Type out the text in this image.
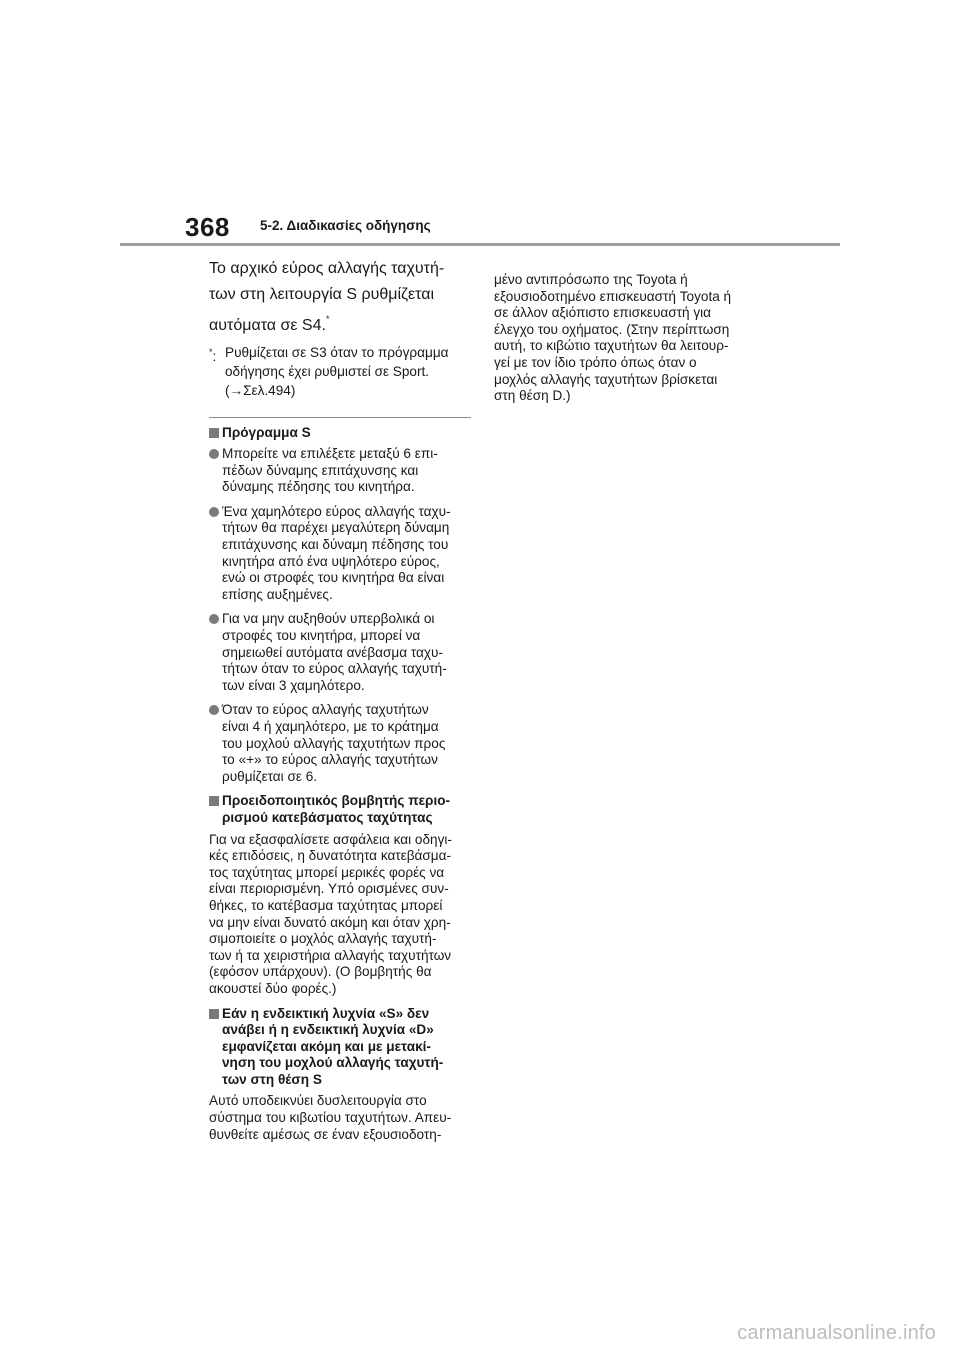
368 5-2. Διαδικασίες οδήγησης

Το αρχικό εύρος αλλαγής ταχυτή-
των στη λειτουργία S ρυθμίζεται
αυτόματα σε S4.*

*: Ρυθμίζεται σε S3 όταν το πρόγραμμα
οδήγησης έχει ρυθμιστεί σε Sport.
(→Σελ.494)
Πρόγραμμα S
Μπορείτε να επιλέξετε μεταξύ 6 επι-
πέδων δύναμης επιτάχυνσης και
δύναμης πέδησης του κινητήρα.
Ένα χαμηλότερο εύρος αλλαγής ταχυ-
τήτων θα παρέχει μεγαλύτερη δύναμη
επιτάχυνσης και δύναμη πέδησης του
κινητήρα από ένα υψηλότερο εύρος,
ενώ οι στροφές του κινητήρα θα είναι
επίσης αυξημένες.
Για να μην αυξηθούν υπερβολικά οι
στροφές του κινητήρα, μπορεί να
σημειωθεί αυτόματα ανέβασμα ταχυ-
τήτων όταν το εύρος αλλαγής ταχυτή-
των είναι 3 χαμηλότερο.
Όταν το εύρος αλλαγής ταχυτήτων
είναι 4 ή χαμηλότερο, με το κράτημα
του μοχλού αλλαγής ταχυτήτων προς
το «+» το εύρος αλλαγής ταχυτήτων
ρυθμίζεται σε 6.
Προειδοποιητικός βομβητής περιο-
ρισμού κατεβάσματος ταχύτητας

Για να εξασφαλίσετε ασφάλεια και οδηγι-
κές επιδόσεις, η δυνατότητα κατεβάσμα-
τος ταχύτητας μπορεί μερικές φορές να
είναι περιορισμένη. Υπό ορισμένες συν-
θήκες, το κατέβασμα ταχύτητας μπορεί
να μην είναι δυνατό ακόμη και όταν χρη-
σιμοποιείτε ο μοχλός αλλαγής ταχυτή-
των ή τα χειριστήρια αλλαγής ταχυτήτων
(εφόσον υπάρχουν). (Ο βομβητής θα
ακουστεί δύο φορές.)

Εάν η ενδεικτική λυχνία «S» δεν
ανάβει ή η ενδεικτική λυχνία «D»
εμφανίζεται ακόμη και με μετακί-
νηση του μοχλού αλλαγής ταχυτή-
των στη θέση S

Αυτό υποδεικνύει δυσλειτουργία στο
σύστημα του κιβωτίου ταχυτήτων. Απευ-
θυνθείτε αμέσως σε έναν εξουσιοδοτη-

μένο αντιπρόσωπο της Toyota ή
εξουσιοδοτημένο επισκευαστή Toyota ή
σε άλλον αξιόπιστο επισκευαστή για
έλεγχο του οχήματος. (Στην περίπτωση
αυτή, το κιβώτιο ταχυτήτων θα λειτουρ-
γεί με τον ίδιο τρόπο όπως όταν ο
μοχλός αλλαγής ταχυτήτων βρίσκεται
στη θέση D.)

carmanualsonline.info
